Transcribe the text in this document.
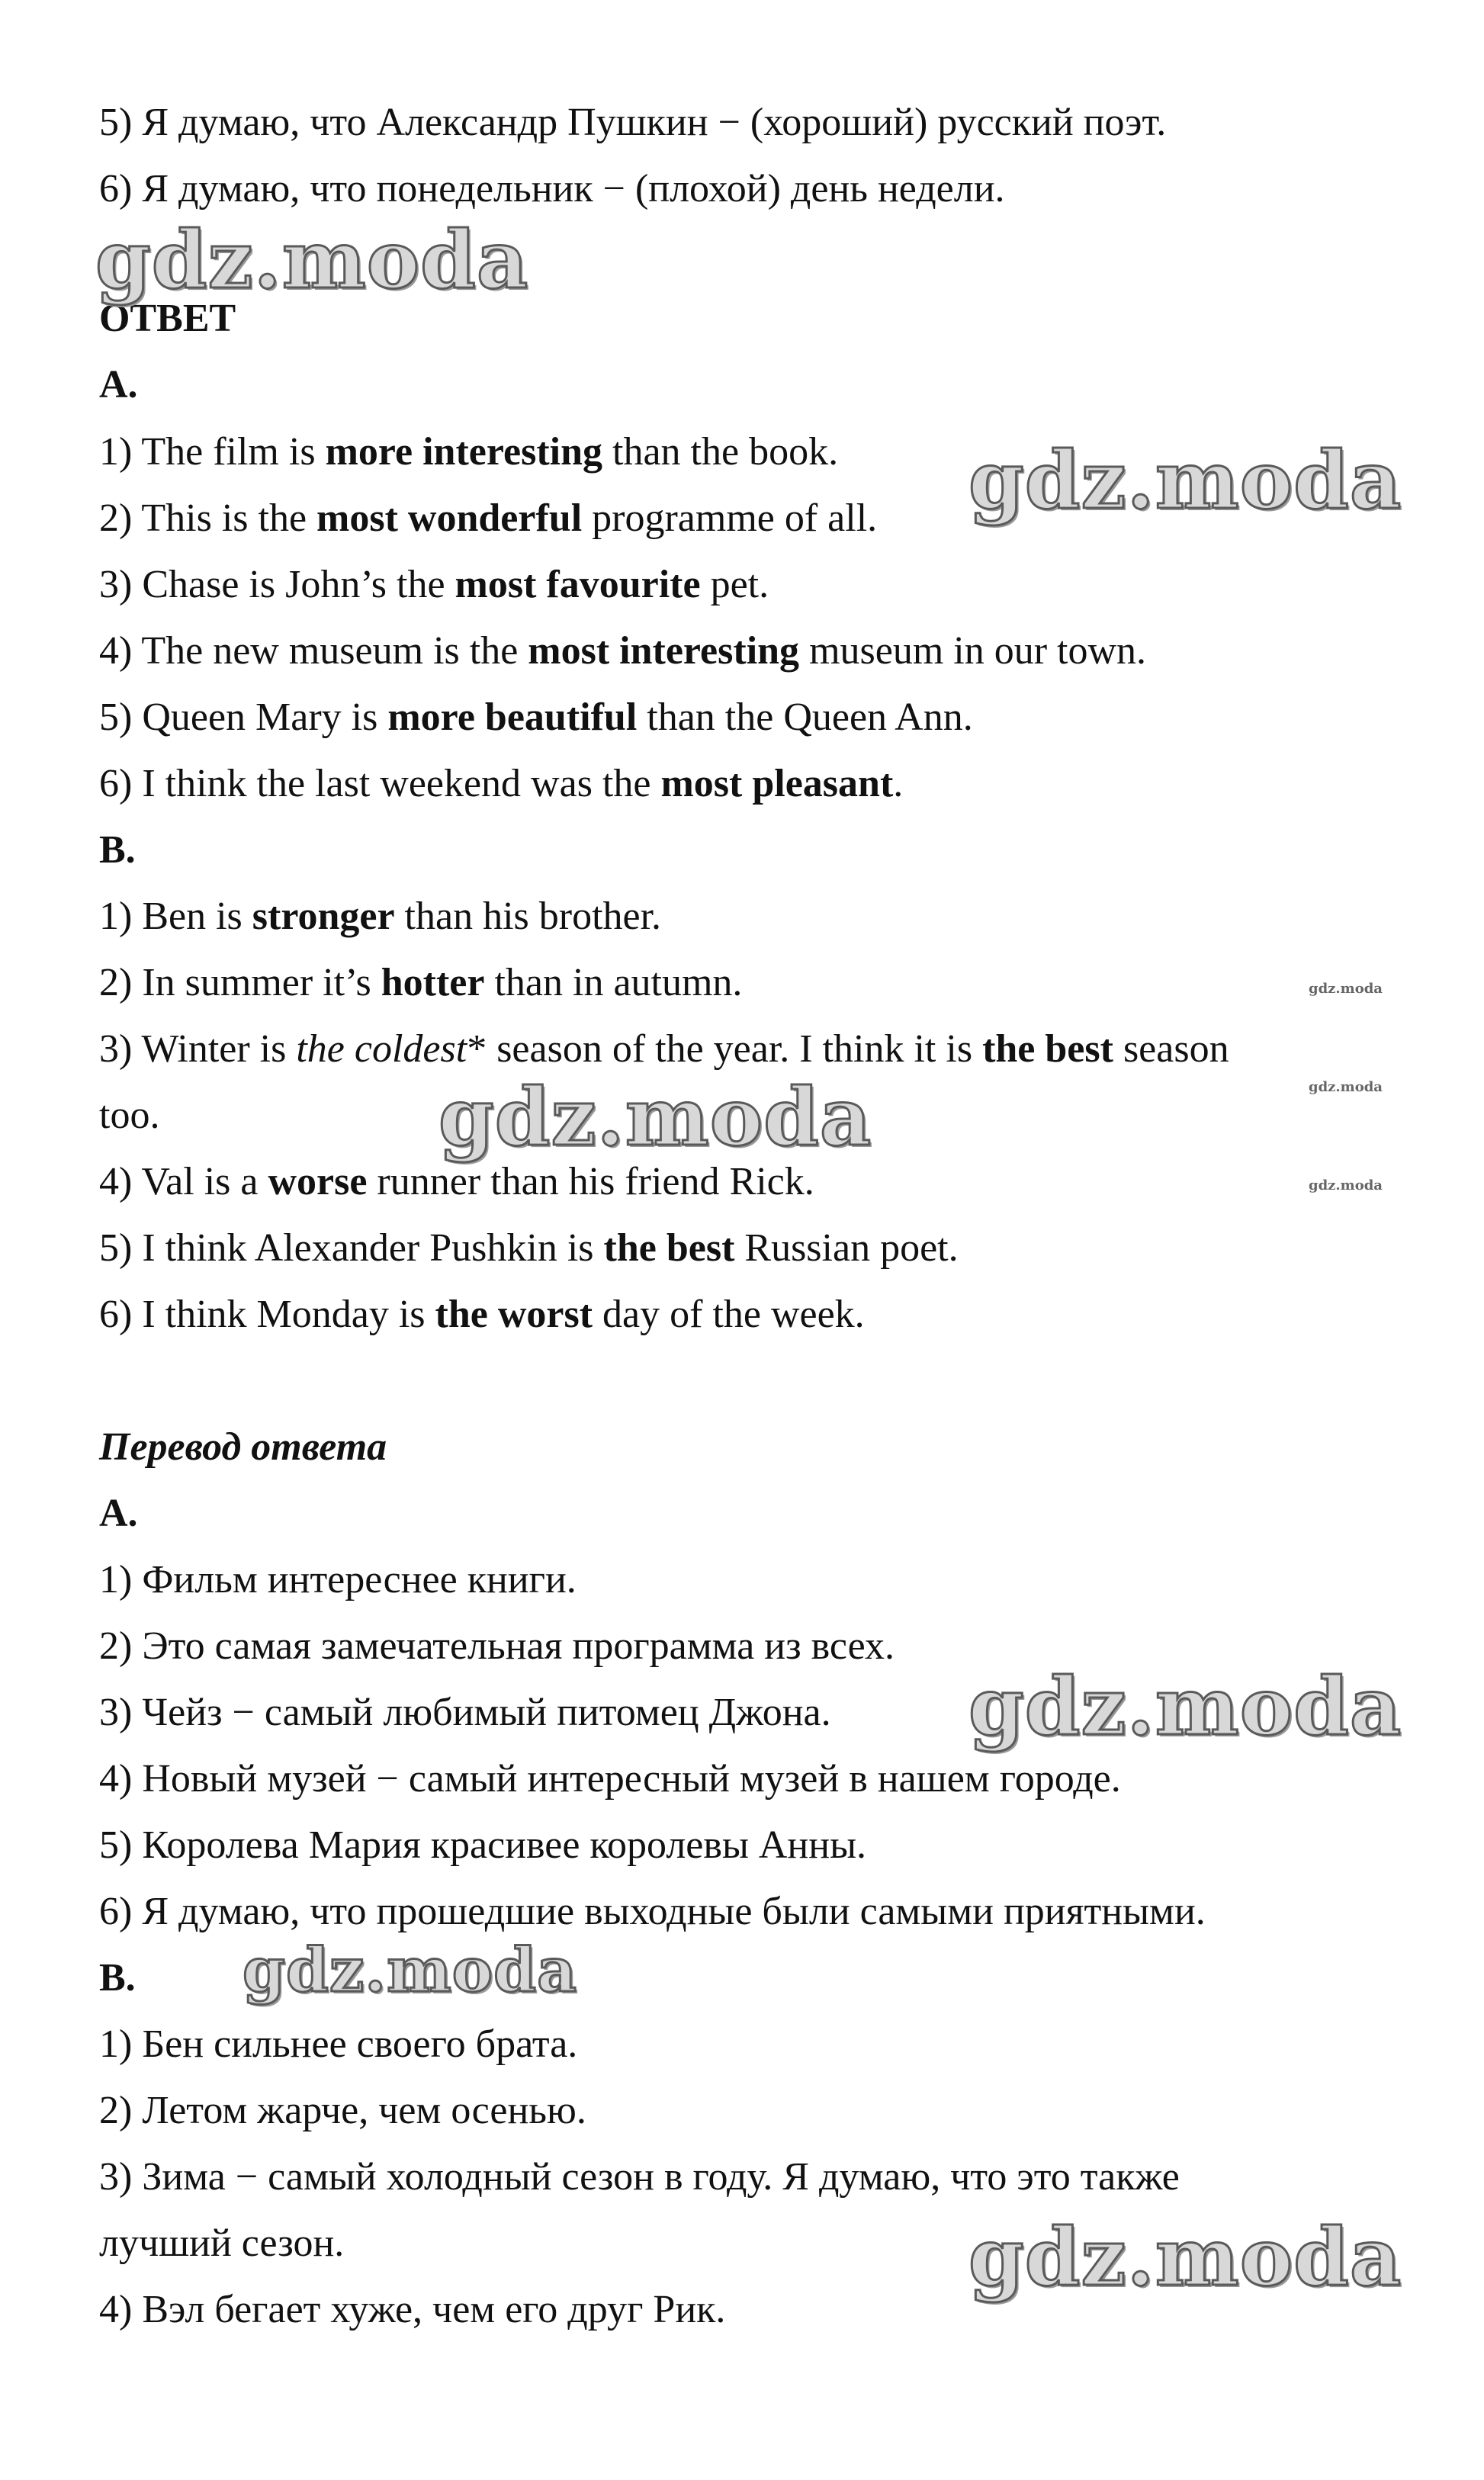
5) Я думаю, что Александр Пушкин − (хороший) русский поэт.
6) Я думаю, что понедельник − (плохой) день недели.
ОТВЕТ
A.
1) The film is more interesting than the book.
2) This is the most wonderful programme of all.
3) Chase is John’s the most favourite pet.
4) The new museum is the most interesting museum in our town.
5) Queen Mary is more beautiful than the Queen Ann.
6) I think the last weekend was the most pleasant.
B.
1) Ben is stronger than his brother.
2) In summer it’s hotter than in autumn.
3) Winter is the coldest* season of the year. I think it is the best season
too.
4) Val is a worse runner than his friend Rick.
5) I think Alexander Pushkin is the best Russian poet.
6) I think Monday is the worst day of the week.
Перевод ответа
A.
1) Фильм интереснее книги.
2) Это самая замечательная программа из всех.
3) Чейз − самый любимый питомец Джона.
4) Новый музей − самый интересный музей в нашем городе.
5) Королева Мария красивее королевы Анны.
6) Я думаю, что прошедшие выходные были самыми приятными.
B.
1) Бен сильнее своего брата.
2) Летом жарче, чем осенью.
3) Зима − самый холодный сезон в году. Я думаю, что это также
лучший сезон.
4) Вэл бегает хуже, чем его друг Рик.
gdz.moda
gdz.moda
gdz.moda
gdz.moda
gdz.moda
gdz.moda
gdz.moda
gdz.moda
gdz.moda
